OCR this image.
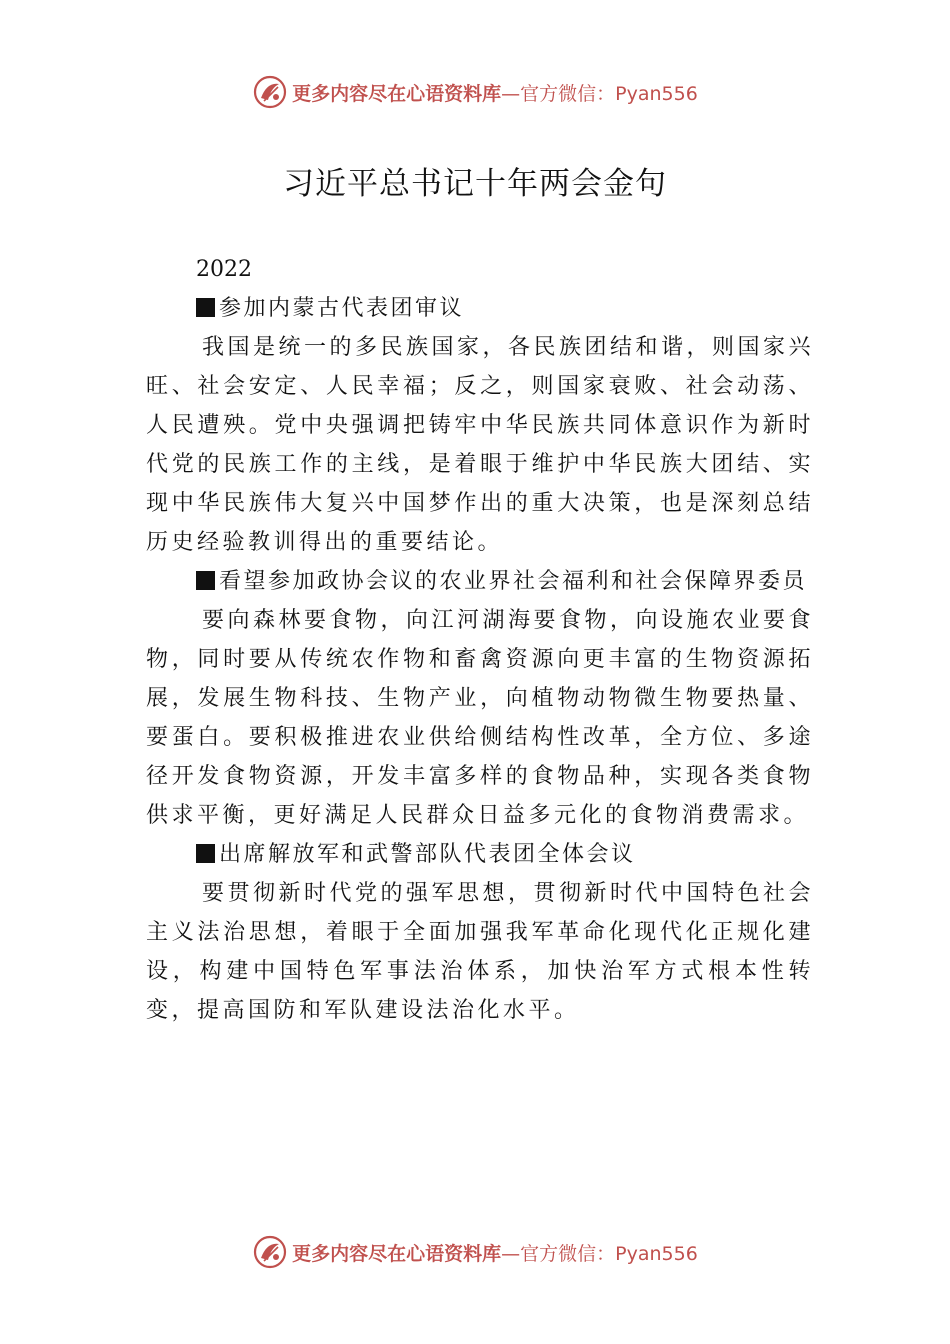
更多内容尽在心语资料库—官方微信：Pyan556
习近平总书记十年两会金句

2022

参加内蒙古代表团审议

我国是统一的多民族国家，各民族团结和谐，则国家兴旺、社会安定、人民幸福；反之，则国家衰败、社会动荡、 人民遭殃。党中央强调把铸牢中华民族共同体意识作为新时代党的民族工作的主线，是着眼于维护中华民族大团结、实现中华民族伟大复兴中国梦作出的重大决策，也是深刻总结历史经验教训得出的重要结论。

看望参加政协会议的农业界社会福利和社会保障界委员

要向森林要食物，向江河湖海要食物，向设施农业要食物，同时要从传统农作物和畜禽资源向更丰富的生物资源拓展，发展生物科技、生物产业，向植物动物微生物要热量、 要蛋白。要积极推进农业供给侧结构性改革，全方位、多途径开发食物资源，开发丰富多样的食物品种，实现各类食物供求平衡，更好满足人民群众日益多元化的食物消费需求。

出席解放军和武警部队代表团全体会议

要贯彻新时代党的强军思想，贯彻新时代中国特色社会主义法治思想，着眼于全面加强我军革命化现代化正规化建设，构建中国特色军事法治体系，加快治军方式根本性转变，提高国防和军队建设法治化水平。

更多内容尽在心语资料库—官方微信：Pyan556
